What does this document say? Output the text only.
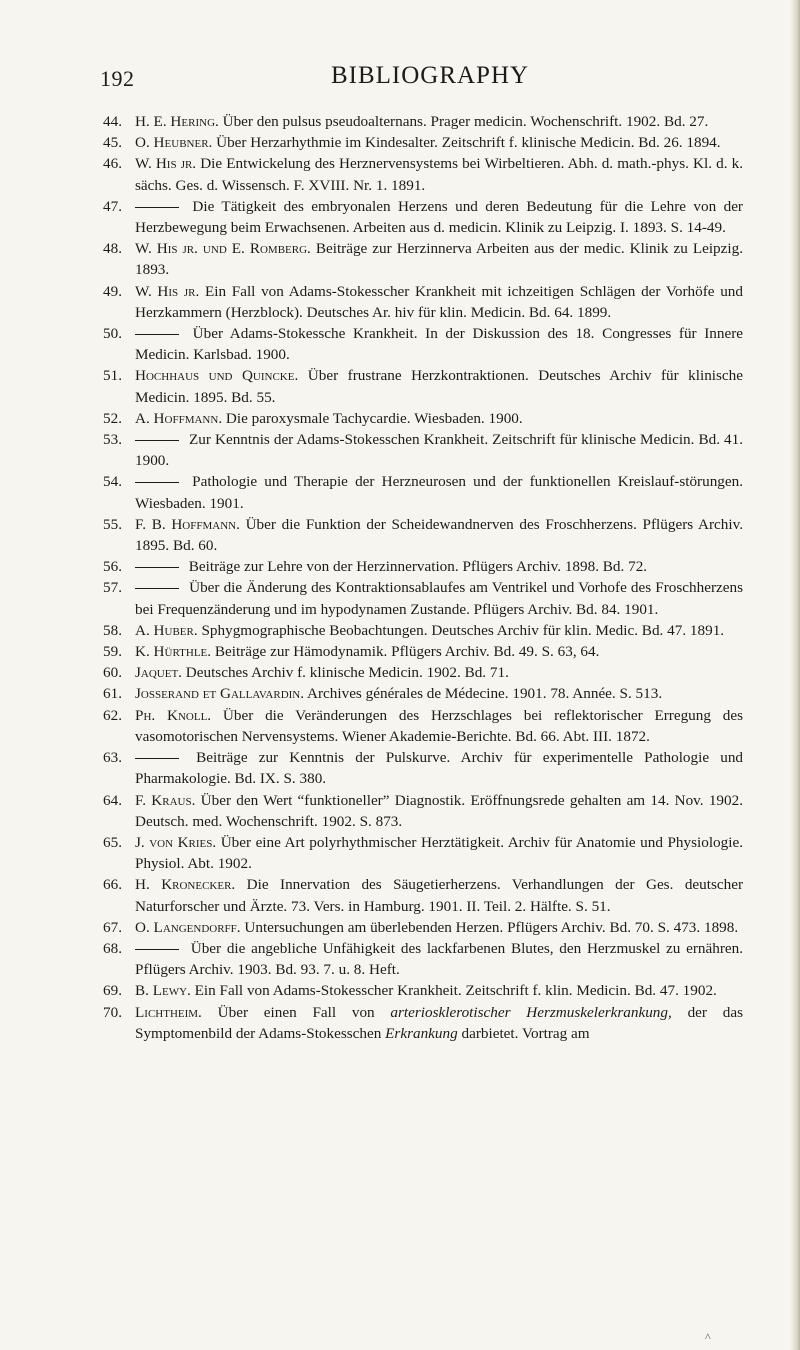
192	BIBLIOGRAPHY
44. H. E. Hering. Über den pulsus pseudoalternans. Prager medicin. Wochenschrift. 1902. Bd. 27.
45. O. Heubner. Über Herzarhythmie im Kindesalter. Zeitschrift f. klinische Medicin. Bd. 26. 1894.
46. W. His jr. Die Entwickelung des Herznervensystems bei Wirbeltieren. Abh. d. math.-phys. Kl. d. k. sächs. Ges. d. Wissensch. F. XVIII. Nr. 1. 1891.
47.	Die Tätigkeit des embryonalen Herzens und deren Bedeutung für die Lehre von der Herzbewegung beim Erwachsenen. Arbeiten aus d. medicin. Klinik zu Leipzig. I. 1893. S. 14-49.
48. W. His jr. und E. Romberg. Beiträge zur Herzinnerva Arbeiten aus der medic. Klinik zu Leipzig. 1893.
49. W. His jr. Ein Fall von Adams-Stokesscher Krankheit mit ichzeitigen Schlägen der Vorhöfe und Herzkammern (Herzblock). Deutsches Ar. hiv für klin. Medicin. Bd. 64. 1899.
50.	Über Adams-Stokessche Krankheit. In der Diskussion des 18. Congresses für Innere Medicin. Karlsbad. 1900.
51. Hochhaus und Quincke. Über frustrane Herzkontraktionen. Deutsches Archiv für klinische Medicin. 1895. Bd. 55.
52. A. Hoffmann. Die paroxysmale Tachycardie. Wiesbaden. 1900.
53.	Zur Kenntnis der Adams-Stokesschen Krankheit. Zeitschrift für klinische Medicin. Bd. 41. 1900.
54.	Pathologie und Therapie der Herzneurosen und der funktionellen Kreislauf-störungen. Wiesbaden. 1901.
55. F. B. Hoffmann. Über die Funktion der Scheidewandnerven des Froschherzens. Pflügers Archiv. 1895. Bd. 60.
56.	Beiträge zur Lehre von der Herzinnervation. Pflügers Archiv. 1898. Bd. 72.
57.	Über die Änderung des Kontraktionsablaufes am Ventrikel und Vorhofe des Froschherzens bei Frequenzänderung und im hypodynamen Zustande. Pflügers Archiv. Bd. 84. 1901.
58. A. Huber. Sphygmographische Beobachtungen. Deutsches Archiv für klin. Medic. Bd. 47. 1891.
59. K. Hürthle. Beiträge zur Hämodynamik. Pflügers Archiv. Bd. 49. S. 63, 64.
60. Jaquet. Deutsches Archiv f. klinische Medicin. 1902. Bd. 71.
61. Josserand et Gallavardin. Archives générales de Médecine. 1901. 78. Année. S. 513.
62. Ph. Knoll. Über die Veränderungen des Herzschlages bei reflektorischer Erregung des vasomotorischen Nervensystems. Wiener Akademie-Berichte. Bd. 66. Abt. III. 1872.
63.	Beiträge zur Kenntnis der Pulskurve. Archiv für experimentelle Pathologie und Pharmakologie. Bd. IX. S. 380.
64. F. Kraus. Über den Wert “funktioneller” Diagnostik. Eröffnungsrede gehalten am 14. Nov. 1902. Deutsch. med. Wochenschrift. 1902. S. 873.
65. J. von Kries. Über eine Art polyrhythmischer Herztätigkeit. Archiv für Anatomie und Physiologie. Physiol. Abt. 1902.
66. H. Kronecker. Die Innervation des Säugetierherzens. Verhandlungen der Ges. deutscher Naturforscher und Ärzte. 73. Vers. in Hamburg. 1901. II. Teil. 2. Hälfte. S. 51.
67. O. Langendorff. Untersuchungen am überlebenden Herzen. Pflügers Archiv. Bd. 70. S. 473. 1898.
68.	Über die angebliche Unfähigkeit des lackfarbenen Blutes, den Herzmuskel zu ernähren. Pflügers Archiv. 1903. Bd. 93. 7. u. 8. Heft.
69. B. Lewy. Ein Fall von Adams-Stokesscher Krankheit. Zeitschrift f. klin. Medicin. Bd. 47. 1902.
70. Lichtheim. Über einen Fall von arteriosklerotischer Herzmuskelerkrankung, der das Symptomenbild der Adams-Stokesschen Erkrankung darbietet. Vortrag am
^
